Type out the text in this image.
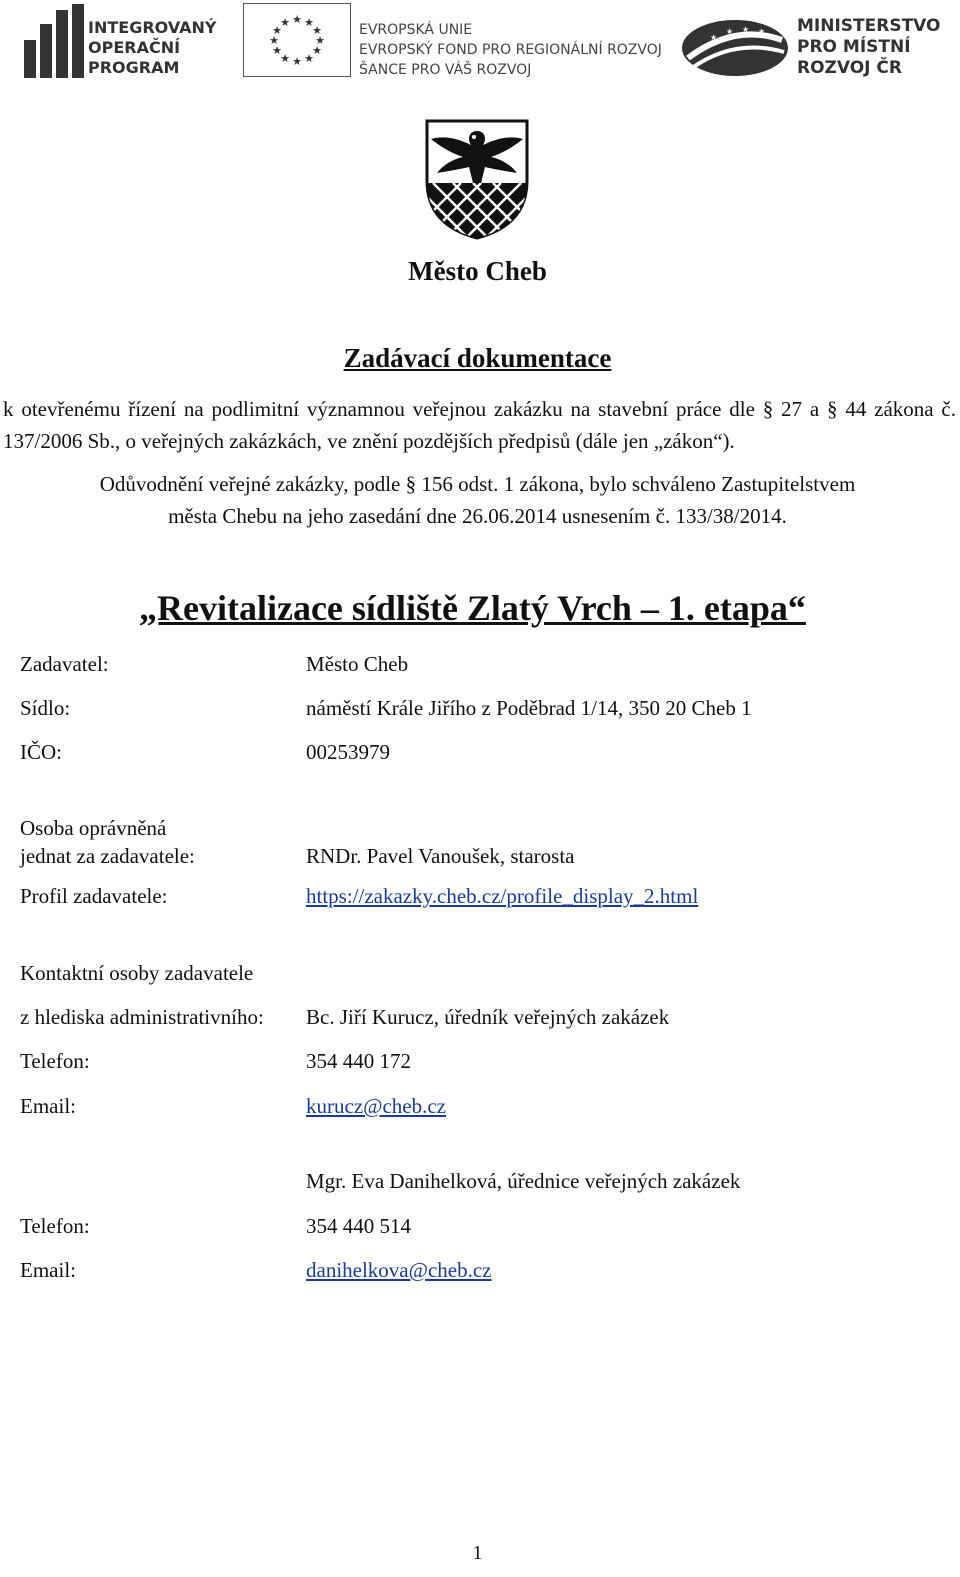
INTEGROVANÝ
OPERAČNÍ
PROGRAM
★ ★
★
★
★
★
★
★
★
★
★
★	EVROPSKÁ UNIE
EVROPSKÝ FOND PRO REGIONÁLNÍ ROZVOJ
ŠANCE PRO VÁŠ ROZVOJ
★
★ ★ ★ MINISTERSTVO
PRO MÍSTNÍ
ROZVOJ ČR
Město Cheb
Zadávací dokumentace
k otevřenému řízení na podlimitní významnou veřejnou zakázku na stavební práce dle § 27 a § 44 zákona č. 137/2006 Sb., o veřejných zakázkách, ve znění pozdějších předpisů (dále jen „zákon“).
Odůvodnění veřejné zakázky, podle § 156 odst. 1 zákona, bylo schváleno Zastupitelstvem
města Chebu na jeho zasedání dne 26.06.2014 usnesením č. 133/38/2014.
„Revitalizace sídliště Zlatý Vrch – 1. etapa“
Zadavatel:	Město Cheb
Sídlo:	náměstí Krále Jiřího z Poděbrad 1/14, 350 20 Cheb 1
IČO:	00253979
Osoba oprávněná
jednat za zadavatele:	RNDr. Pavel Vanoušek, starosta
Profil zadavatele:	https://zakazky.cheb.cz/profile_display_2.html
Kontaktní osoby zadavatele
z hlediska administrativního: Bc. Jiří Kurucz, úředník veřejných zakázek
Telefon:	354 440 172
Email:	kurucz@cheb.cz
Mgr. Eva Danihelková, úřednice veřejných zakázek
Telefon:	354 440 514
Email:	danihelkova@cheb.cz
1
